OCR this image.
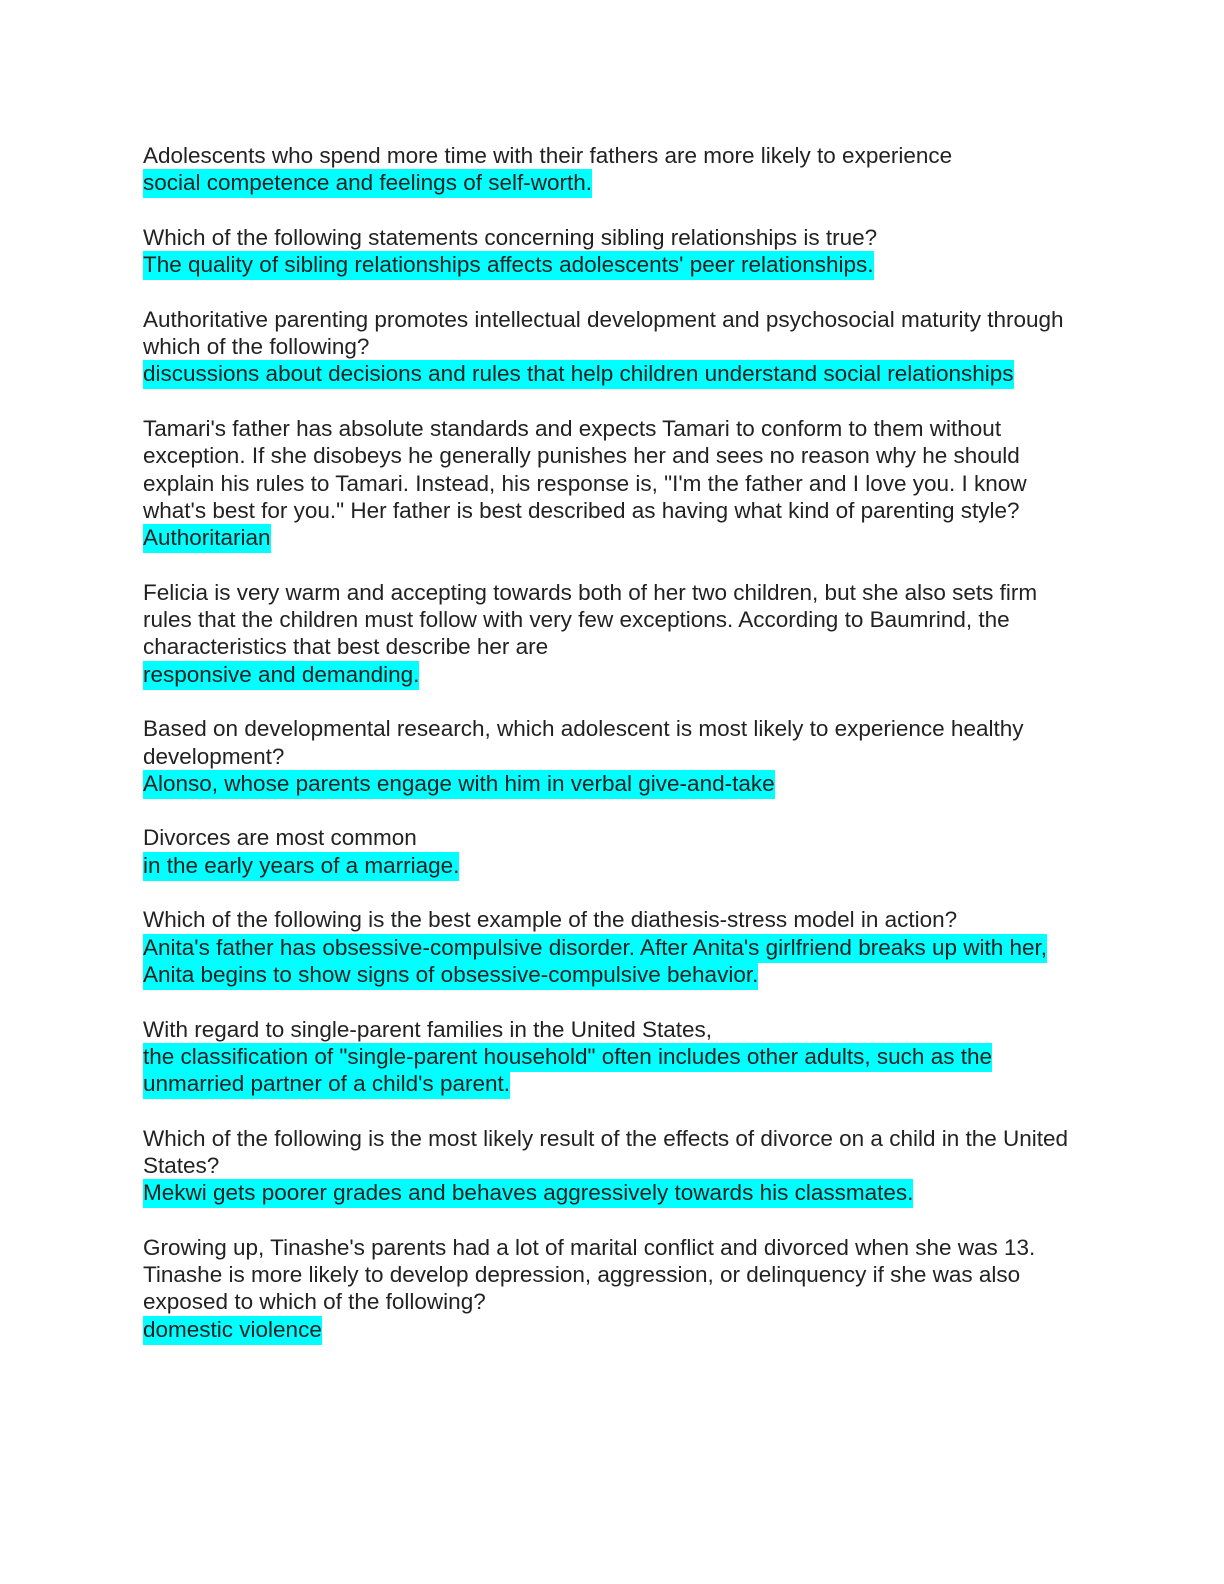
Adolescents who spend more time with their fathers are more likely to experience

social competence and feelings of self-worth.

Which of the following statements concerning sibling relationships is true?

The quality of sibling relationships affects adolescents' peer relationships.

Authoritative parenting promotes intellectual development and psychosocial maturity through which of the following?

discussions about decisions and rules that help children understand social relationships

Tamari's father has absolute standards and expects Tamari to conform to them without exception. If she disobeys he generally punishes her and sees no reason why he should explain his rules to Tamari. Instead, his response is, "I'm the father and I love you. I know what's best for you." Her father is best described as having what kind of parenting style?

Authoritarian

Felicia is very warm and accepting towards both of her two children, but she also sets firm rules that the children must follow with very few exceptions. According to Baumrind, the characteristics that best describe her are

responsive and demanding.

Based on developmental research, which adolescent is most likely to experience healthy development?

Alonso, whose parents engage with him in verbal give-and-take

Divorces are most common

in the early years of a marriage.

Which of the following is the best example of the diathesis-stress model in action?

Anita's father has obsessive-compulsive disorder. After Anita's girlfriend breaks up with her, Anita begins to show signs of obsessive-compulsive behavior.

With regard to single-parent families in the United States,

the classification of "single-parent household" often includes other adults, such as the unmarried partner of a child's parent.

Which of the following is the most likely result of the effects of divorce on a child in the United States?

Mekwi gets poorer grades and behaves aggressively towards his classmates.

Growing up, Tinashe's parents had a lot of marital conflict and divorced when she was 13. Tinashe is more likely to develop depression, aggression, or delinquency if she was also exposed to which of the following?

domestic violence
